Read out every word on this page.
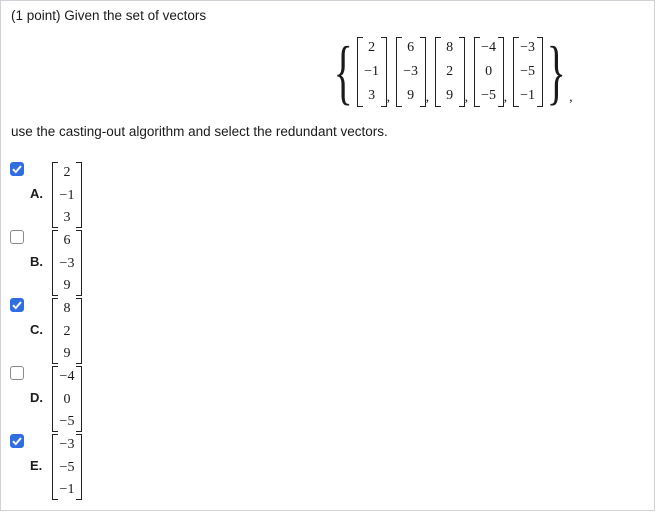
(1 point) Given the set of vectors
{ 2
−1
3 ,
6
−3
9 ,
8
2
9 ,
−4
0
−5 ,
−3
−5
−1 } ,
use the casting-out algorithm and select the redundant vectors.
A.
2
−1
3
B.
6
−3
9
C.
8
2
9
D.
−4
0
−5
E.
−3
−5
−1
